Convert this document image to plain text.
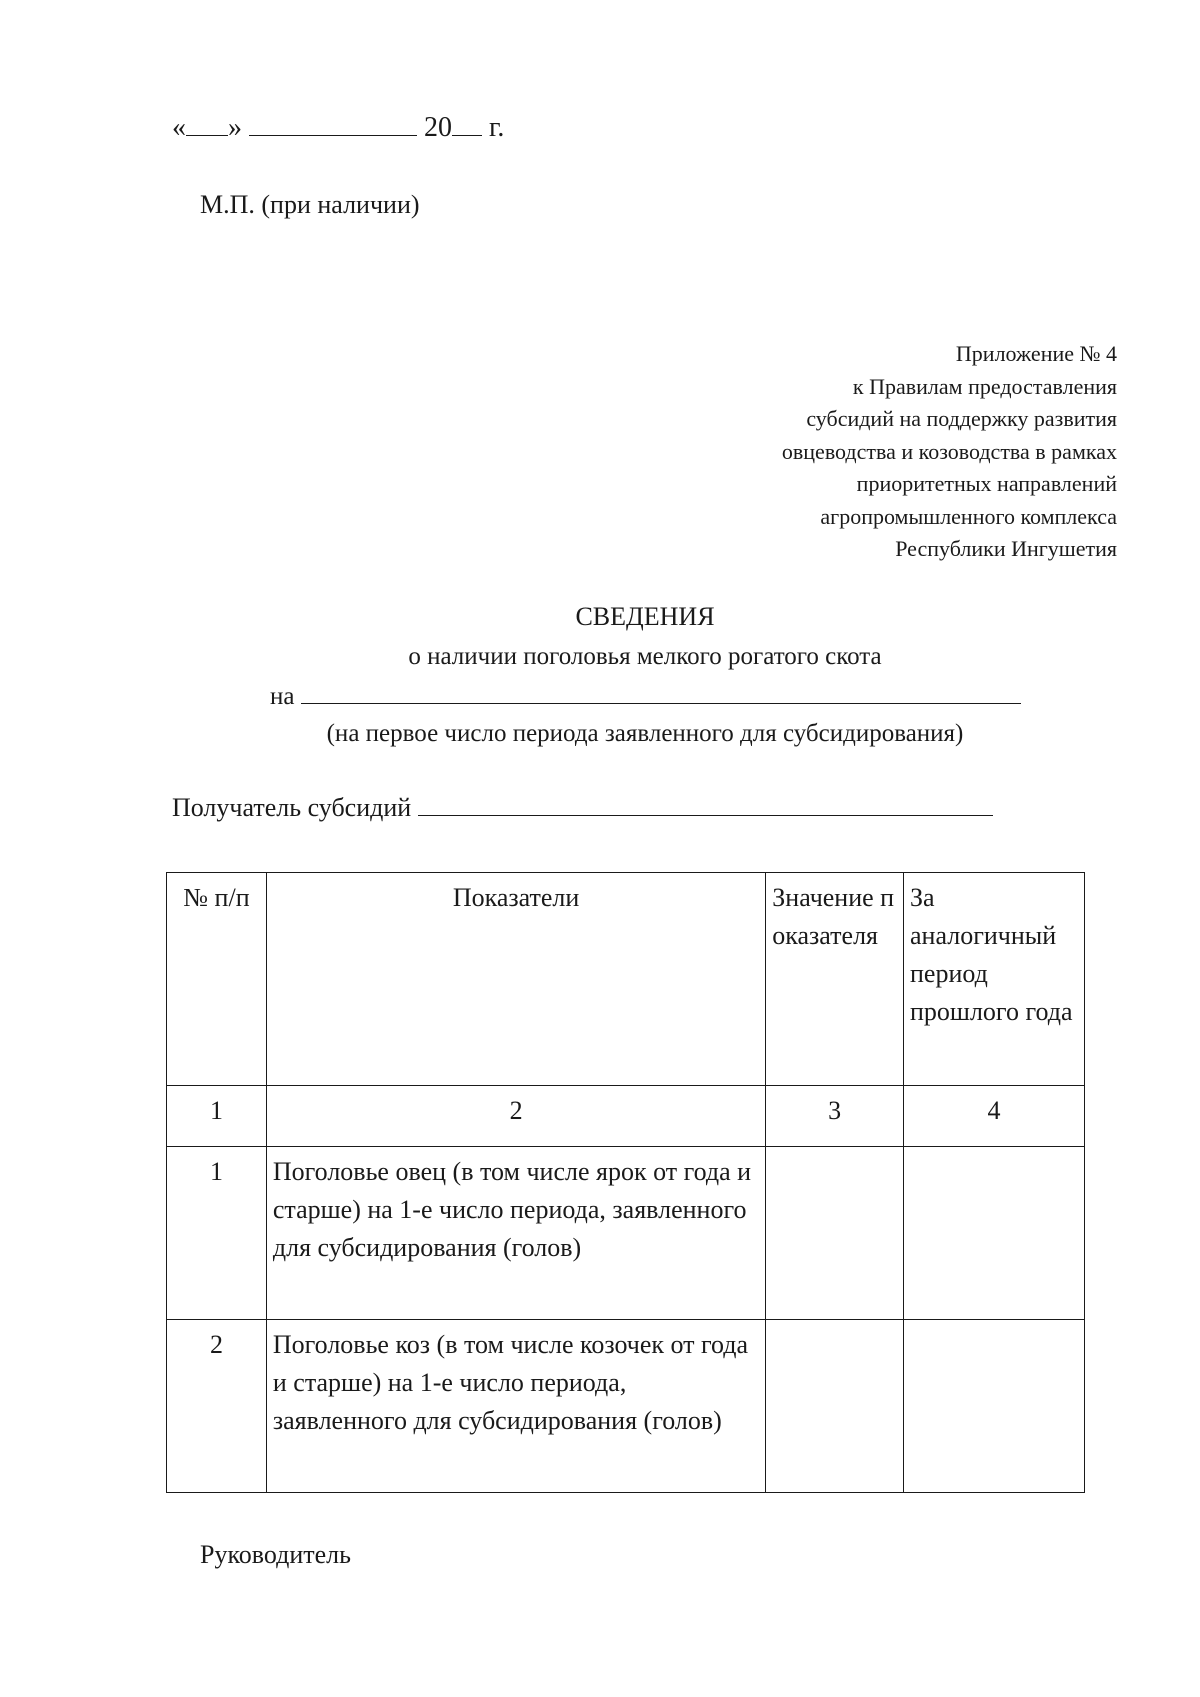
« »	20 г.
М.П. (при наличии)
Приложение № 4
к Правилам предоставления
субсидий на поддержку развития
овцеводства и козоводства в рамках
приоритетных направлений
агропромышленного комплекса
Республики Ингушетия
СВЕДЕНИЯ
о наличии поголовья мелкого рогатого скота
на
(на первое число периода заявленного для субсидирования)
Получатель субсидий
№ п/п	Показатели	Значение показателя	За аналогичный период прошлого года
1	2	3	4
1	Поголовье овец (в том числе ярок от года и старше) на 1-е число периода, заявленного для субсидирования (голов)		
2	Поголовье коз (в том числе козочек от года и старше) на 1-е число периода, заявленного для субсидирования (голов)		
Руководитель
